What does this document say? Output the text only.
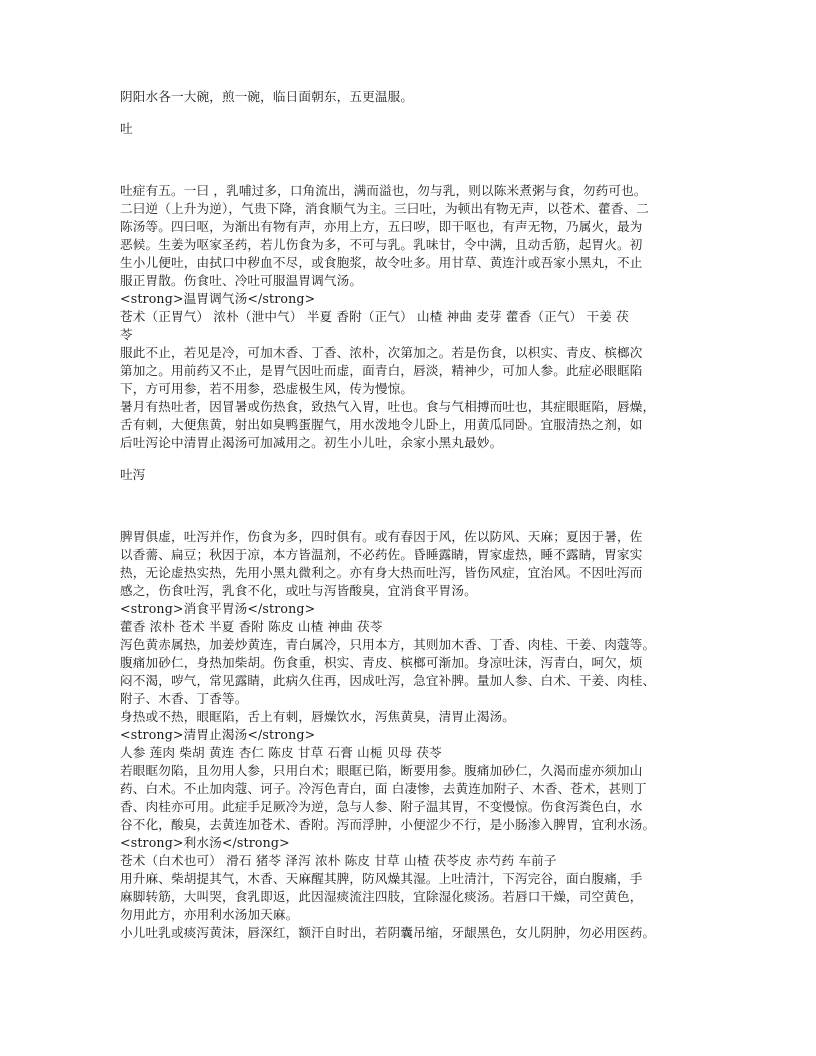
阴阳水各一大碗，煎一碗，临日面朝东，五更温服。

吐

吐症有五。一曰 ，乳哺过多，口角流出，满而溢也，勿与乳，则以陈米煮粥与食，勿药可也。

二曰逆（上升为逆），气贵下降，消食顺气为主。三曰吐，为顿出有物无声，以苍术、藿香、二

陈汤等。四曰呕，为渐出有物有声，亦用上方，五曰哕，即干呕也，有声无物，乃属火，最为

恶候。生姜为呕家圣药，若儿伤食为多，不可与乳。乳味甘，令中满，且动舌筋，起胃火。初

生小儿便吐，由拭口中秽血不尽，或食胞浆，故令吐多。用甘草、黄连汁或吾家小黑丸，不止

服正胃散。伤食吐、冷吐可服温胃调气汤。

<strong>温胃调气汤</strong>

苍术（正胃气） 浓朴（泄中气） 半夏 香附（正气） 山楂 神曲 麦芽 藿香（正气） 干姜 茯

苓

服此不止，若见是冷，可加木香、丁香、浓朴，次第加之。若是伤食，以枳实、青皮、槟榔次

第加之。用前药又不止，是胃气因吐而虚，面青白，唇淡，精神少，可加人参。此症必眼眶陷

下，方可用参，若不用参，恐虚极生风，传为慢惊。

暑月有热吐者，因冒暑或伤热食，致热气入胃，吐也。食与气相搏而吐也，其症眼眶陷，唇燥，

舌有刺，大便焦黄，射出如臭鸭蛋腥气，用水泼地令儿卧上，用黄瓜同卧。宜服清热之剂，如

后吐泻论中清胃止渴汤可加减用之。初生小儿吐，余家小黑丸最妙。

吐泻

脾胃俱虚，吐泻并作，伤食为多，四时俱有。或有春因于风，佐以防风、天麻；夏因于暑，佐

以香薷、扁豆；秋因于凉，本方皆温剂，不必药佐。昏睡露睛，胃家虚热，睡不露睛，胃家实

热，无论虚热实热，先用小黑丸微利之。亦有身大热而吐泻，皆伤风症，宜治风。不因吐泻而

感之，伤食吐泻，乳食不化，或吐与泻皆酸臭，宜消食平胃汤。

<strong>消食平胃汤</strong>

藿香 浓朴 苍术 半夏 香附 陈皮 山楂 神曲 茯苓

泻色黄赤属热，加姜炒黄连，青白属冷，只用本方，其则加木香、丁香、肉桂、干姜、肉蔻等。

腹痛加砂仁，身热加柴胡。伤食重，枳实、青皮、槟榔可渐加。身凉吐沫，泻青白，呵欠，烦

闷不渴，哕气，常见露睛，此病久住再，因成吐泻，急宜补脾。量加人参、白术、干姜、肉桂、

附子、木香、丁香等。

身热或不热，眼眶陷，舌上有刺，唇燥饮水，泻焦黄臭，清胃止渴汤。

<strong>清胃止渴汤</strong>

人参 莲肉 柴胡 黄连 杏仁 陈皮 甘草 石膏 山栀 贝母 茯苓

若眼眶勿陷，且勿用人参，只用白术；眼眶已陷，断要用参。腹痛加砂仁，久渴而虚亦须加山

药、白术。不止加肉蔻、诃子。冷泻色青白，面 白凄惨，去黄连加附子、木香、苍术，甚则丁

香、肉桂亦可用。此症手足厥冷为逆，急与人参、附子温其胃，不变慢惊。伤食泻粪色白，水

谷不化，酸臭，去黄连加苍术、香附。泻而浮肿，小便涩少不行，是小肠渗入脾胃，宜利水汤。

<strong>利水汤</strong>

苍术（白术也可） 滑石 猪苓 泽泻 浓朴 陈皮 甘草 山楂 茯苓皮 赤芍药 车前子

用升麻、柴胡提其气，木香、天麻醒其脾，防风燥其湿。上吐清汁，下泻完谷，面白腹痛，手

麻脚转筋，大叫哭，食乳即返，此因湿痰流注四肢，宜除湿化痰汤。若唇口干燥，司空黄色，

勿用此方，亦用利水汤加天麻。

小儿吐乳或痰泻黄沫，唇深红，额汗自时出，若阴囊吊缩，牙龈黑色，女儿阴肿，勿必用医药。
